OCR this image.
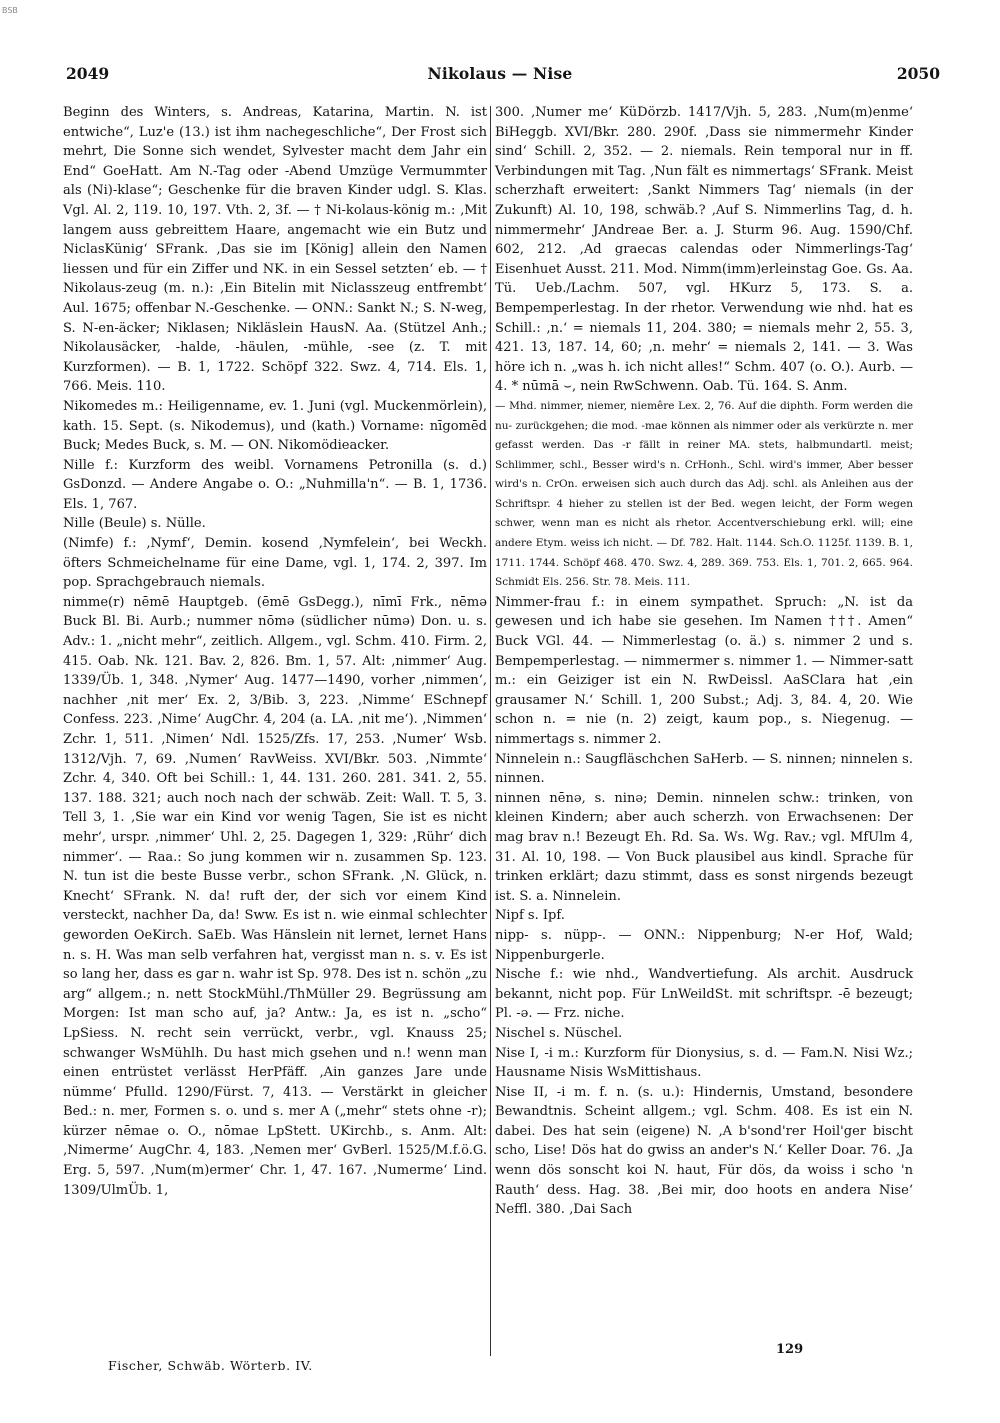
BSB
2049	Nikolaus — Nise	2050

Beginn des Winters, s. Andreas, Katarina, Martin. N. ist entwiche“, Luz'e (13.) ist ihm nachegeschliche“, Der Frost sich mehrt, Die Sonne sich wendet, Sylvester macht dem Jahr ein End“ GoeHatt. Am N.-Tag oder -Abend Umzüge Vermummter als (Ni)-klase“; Geschenke für die braven Kinder udgl. S. Klas. Vgl. Al. 2, 119. 10, 197. Vth. 2, 3f. — † Ni-kolaus-könig m.: ‚Mit langem auss gebreittem Haare, angemacht wie ein Butz und NiclasKünig‘ SFrank. ‚Das sie im [König] allein den Namen liessen und für ein Ziffer und NK. in ein Sessel setzten‘ eb. — † Nikolaus-zeug (m. n.): ‚Ein Bitelin mit Niclasszeug entfrembt‘ Aul. 1675; offenbar N.-Geschenke. — ONN.: Sankt N.; S. N-weg, S. N-en-äcker; Niklasen; Nikläslein HausN. Aa. (Stützel Anh.; Nikolausäcker, -halde, -häulen, -mühle, -see (z. T. mit Kurzformen). — B. 1, 1722. Schöpf 322. Swz. 4, 714. Els. 1, 766. Meis. 110.

Nikomedes m.: Heiligenname, ev. 1. Juni (vgl. Muckenmörlein), kath. 15. Sept. (s. Nikodemus), und (kath.) Vorname: nīgomēd Buck; Medes Buck, s. M. — ON. Nikomödieacker.

Nille f.: Kurzform des weibl. Vornamens Petronilla (s. d.) GsDonzd. — Andere Angabe o. O.: „Nuhmilla'n“. — B. 1, 1736. Els. 1, 767.

Nille (Beule) s. Nülle.

(Nimfe) f.: ‚Nymf‘, Demin. kosend ‚Nymfelein‘, bei Weckh. öfters Schmeichelname für eine Dame, vgl. 1, 174. 2, 397. Im pop. Sprachgebrauch niemals.

nimme(r) nēmē Hauptgeb. (ēmē GsDegg.), nīmī Frk., nēmə Buck Bl. Bi. Aurb.; nummer nōmə (südlicher nūmə) Don. u. s. Adv.: 1. „nicht mehr“, zeitlich. Allgem., vgl. Schm. 410. Firm. 2, 415. Oab. Nk. 121. Bav. 2, 826. Bm. 1, 57. Alt: ‚nimmer‘ Aug. 1339/Üb. 1, 348. ‚Nymer‘ Aug. 1477—1490, vorher ‚nimmen‘, nachher ‚nit mer‘ Ex. 2, 3/Bib. 3, 223. ‚Nimme‘ ESchnepf Confess. 223. ‚Nime‘ AugChr. 4, 204 (a. LA. ‚nit me‘). ‚Nimmen‘ Zchr. 1, 511. ‚Nimen‘ Ndl. 1525/Zfs. 17, 253. ‚Numer‘ Wsb. 1312/Vjh. 7, 69. ‚Numen‘ RavWeiss. XVI/Bkr. 503. ‚Nimmte‘ Zchr. 4, 340. Oft bei Schill.: 1, 44. 131. 260. 281. 341. 2, 55. 137. 188. 321; auch noch nach der schwäb. Zeit: Wall. T. 5, 3. Tell 3, 1. ‚Sie war ein Kind vor wenig Tagen, Sie ist es nicht mehr‘, urspr. ‚nimmer‘ Uhl. 2, 25. Dagegen 1, 329: ‚Rühr‘ dich nimmer‘. — Raa.: So jung kommen wir n. zusammen Sp. 123. N. tun ist die beste Busse verbr., schon SFrank. ‚N. Glück, n. Knecht‘ SFrank. N. da! ruft der, der sich vor einem Kind versteckt, nachher Da, da! Sww. Es ist n. wie einmal schlechter geworden OeKirch. SaEb. Was Hänslein nit lernet, lernet Hans n. s. H. Was man selb verfahren hat, vergisst man n. s. v. Es ist so lang her, dass es gar n. wahr ist Sp. 978. Des ist n. schön „zu arg“ allgem.; n. nett StockMühl./ThMüller 29. Begrüssung am Morgen: Ist man scho auf, ja? Antw.: Ja, es ist n. „scho“ LpSiess. N. recht sein verrückt, verbr., vgl. Knauss 25; schwanger WsMühlh. Du hast mich gsehen und n.! wenn man einen entrüstet verlässt HerPfäff. ‚Ain ganzes Jare unde nümme‘ Pfulld. 1290/Fürst. 7, 413. — Verstärkt in gleicher Bed.: n. mer, Formen s. o. und s. mer A („mehr“ stets ohne -r); kürzer nēmae o. O., nōmae LpStett. UKirchb., s. Anm. Alt: ‚Nimerme‘ AugChr. 4, 183. ‚Nemen mer‘ GvBerl. 1525/M.f.ö.G. Erg. 5, 597. ‚Num(m)ermer‘ Chr. 1, 47. 167. ‚Numerme‘ Lind. 1309/UlmÜb. 1,

300. ‚Numer me‘ KüDörzb. 1417/Vjh. 5, 283. ‚Num(m)enme‘ BiHeggb. XVI/Bkr. 280. 290f. ‚Dass sie nimmermehr Kinder sind‘ Schill. 2, 352. — 2. niemals. Rein temporal nur in ff. Verbindungen mit Tag. ‚Nun fält es nimmertags‘ SFrank. Meist scherzhaft erweitert: ‚Sankt Nimmers Tag‘ niemals (in der Zukunft) Al. 10, 198, schwäb.? ‚Auf S. Nimmerlins Tag, d. h. nimmermehr‘ JAndreae Ber. a. J. Sturm 96. Aug. 1590/Chf. 602, 212. ‚Ad graecas calendas oder Nimmerlings-Tag‘ Eisenhuet Ausst. 211. Mod. Nimm(imm)erleinstag Goe. Gs. Aa. Tü. Ueb./Lachm. 507, vgl. HKurz 5, 173. S. a. Bempemperlestag. In der rhetor. Verwendung wie nhd. hat es Schill.: ‚n.‘ = niemals 11, 204. 380; = niemals mehr 2, 55. 3, 421. 13, 187. 14, 60; ‚n. mehr‘ = niemals 2, 141. — 3. Was höre ich n. „was h. ich nicht alles!“ Schm. 407 (o. O.). Aurb. — 4. * nūmā ⌣, nein RwSchwenn. Oab. Tü. 164. S. Anm.

— Mhd. nimmer, niemer, niemêre Lex. 2, 76. Auf die diphth. Form werden die nu- zurückgehen; die mod. -mae können als nimmer oder als verkürzte n. mer gefasst werden. Das -r fällt in reiner MA. stets, halbmundartl. meist; Schlimmer, schl., Besser wird's n. CrHonh., Schl. wird's immer, Aber besser wird's n. CrOn. erweisen sich auch durch das Adj. schl. als Anleihen aus der Schriftspr. 4 hieher zu stellen ist der Bed. wegen leicht, der Form wegen schwer, wenn man es nicht als rhetor. Accentverschiebung erkl. will; eine andere Etym. weiss ich nicht. — Df. 782. Halt. 1144. Sch.O. 1125f. 1139. B. 1, 1711. 1744. Schöpf 468. 470. Swz. 4, 289. 369. 753. Els. 1, 701. 2, 665. 964. Schmidt Els. 256. Str. 78. Meis. 111.

Nimmer-frau f.: in einem sympathet. Spruch: „N. ist da gewesen und ich habe sie gesehen. Im Namen †††. Amen“ Buck VGl. 44. — Nimmerlestag (o. ä.) s. nimmer 2 und s. Bempemperlestag. — nimmermer s. nimmer 1. — Nimmer-satt m.: ein Geiziger ist ein N. RwDeissl. AaSClara hat ‚ein grausamer N.‘ Schill. 1, 200 Subst.; Adj. 3, 84. 4, 20. Wie schon n. = nie (n. 2) zeigt, kaum pop., s. Niegenug. — nimmertags s. nimmer 2.

Ninnelein n.: Saugfläschchen SaHerb. — S. ninnen; ninnelen s. ninnen.

ninnen nēnə, s. ninə; Demin. ninnelen schw.: trinken, von kleinen Kindern; aber auch scherzh. von Erwachsenen: Der mag brav n.! Bezeugt Eh. Rd. Sa. Ws. Wg. Rav.; vgl. MfUlm 4, 31. Al. 10, 198. — Von Buck plausibel aus kindl. Sprache für trinken erklärt; dazu stimmt, dass es sonst nirgends bezeugt ist. S. a. Ninnelein.

Nipf s. Ipf.

nipp- s. nüpp-. — ONN.: Nippenburg; N-er Hof, Wald; Nippenburgerle.

Nische f.: wie nhd., Wandvertiefung. Als archit. Ausdruck bekannt, nicht pop. Für LnWeildSt. mit schriftspr. -ē bezeugt; Pl. -ə. — Frz. niche.

Nischel s. Nüschel.

Nise I, -i m.: Kurzform für Dionysius, s. d. — Fam.N. Nisi Wz.; Hausname Nisis WsMittishaus.

Nise II, -i m. f. n. (s. u.): Hindernis, Umstand, besondere Bewandtnis. Scheint allgem.; vgl. Schm. 408. Es ist ein N. dabei. Des hat sein (eigene) N. ‚A b'sond'rer Hoil'ger bischt scho, Lise! Dös hat do gwiss an ander's N.‘ Keller Doar. 76. ‚Ja wenn dös sonscht koi N. haut, Für dös, da woiss i scho 'n Rauth‘ dess. Hag. 38. ‚Bei mir, doo hoots en andera Nise‘ Neffl. 380. ‚Dai Sach

Fischer, Schwäb. Wörterb. IV.
129
